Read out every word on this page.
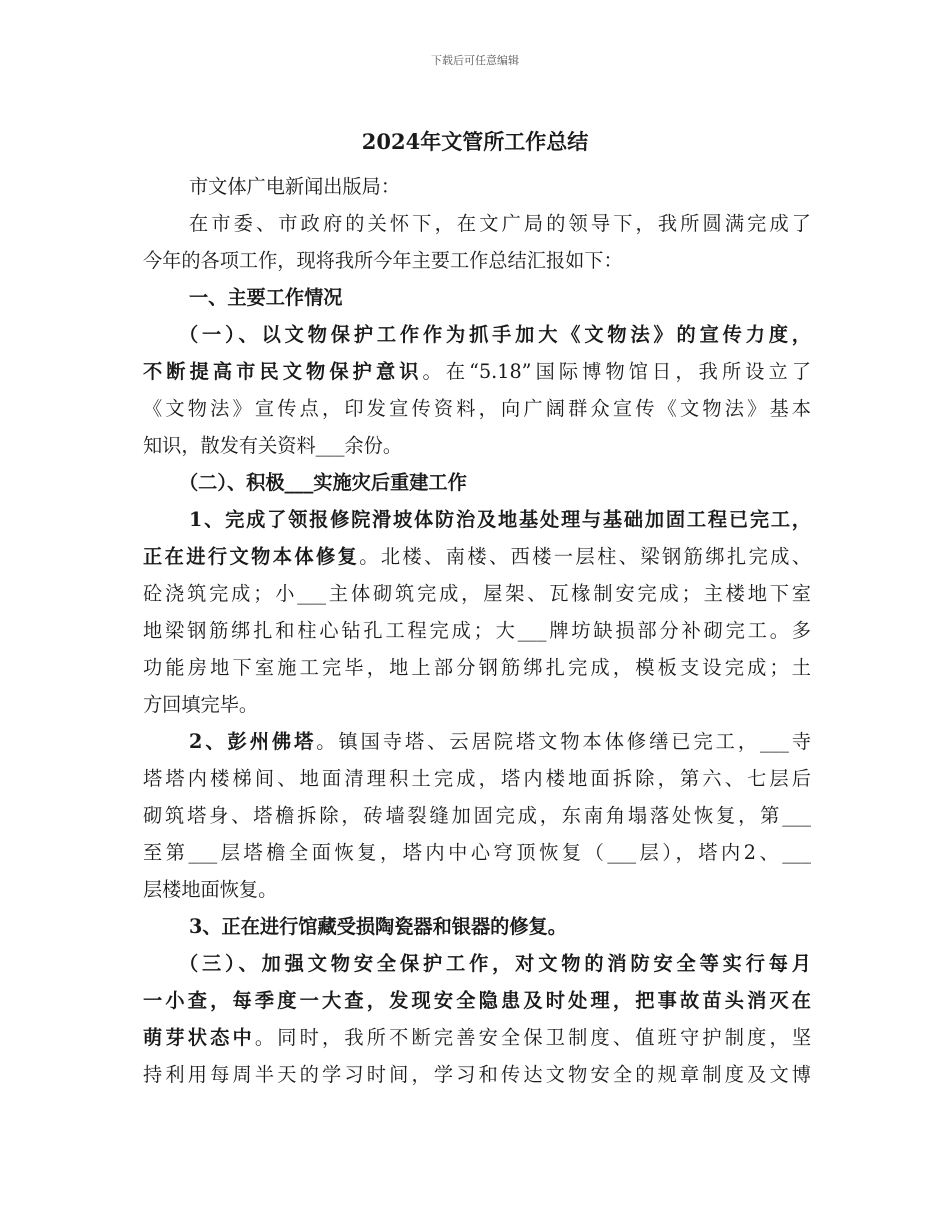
下载后可任意编辑
2024年文管所工作总结
市文体广电新闻出版局：
在市委、市政府的关怀下，在文广局的领导下，我所圆满完成了
今年的各项工作，现将我所今年主要工作总结汇报如下：
一、主要工作情况
（一）、以文物保护工作作为抓手加大《文物法》的宣传力度，
不断提高市民文物保护意识。在“5.18”国际博物馆日，我所设立了
《文物法》宣传点，印发宣传资料，向广阔群众宣传《文物法》基本
知识，散发有关资料___余份。
（二）、积极___实施灾后重建工作
1、完成了领报修院滑坡体防治及地基处理与基础加固工程已完工，
正在进行文物本体修复。北楼、南楼、西楼一层柱、梁钢筋绑扎完成、
砼浇筑完成；小___主体砌筑完成，屋架、瓦椽制安完成；主楼地下室
地梁钢筋绑扎和柱心钻孔工程完成；大___牌坊缺损部分补砌完工。多
功能房地下室施工完毕，地上部分钢筋绑扎完成，模板支设完成；土
方回填完毕。
2、彭州佛塔。镇国寺塔、云居院塔文物本体修缮已完工，___寺
塔塔内楼梯间、地面清理积土完成，塔内楼地面拆除，第六、七层后
砌筑塔身、塔檐拆除，砖墙裂缝加固完成，东南角塌落处恢复，第___
至第___层塔檐全面恢复，塔内中心穹顶恢复（___层），塔内2、___
层楼地面恢复。
3、正在进行馆藏受损陶瓷器和银器的修复。
（三）、加强文物安全保护工作，对文物的消防安全等实行每月
一小查，每季度一大查，发现安全隐患及时处理，把事故苗头消灭在
萌芽状态中。同时，我所不断完善安全保卫制度、值班守护制度，坚
持利用每周半天的学习时间，学习和传达文物安全的规章制度及文博
